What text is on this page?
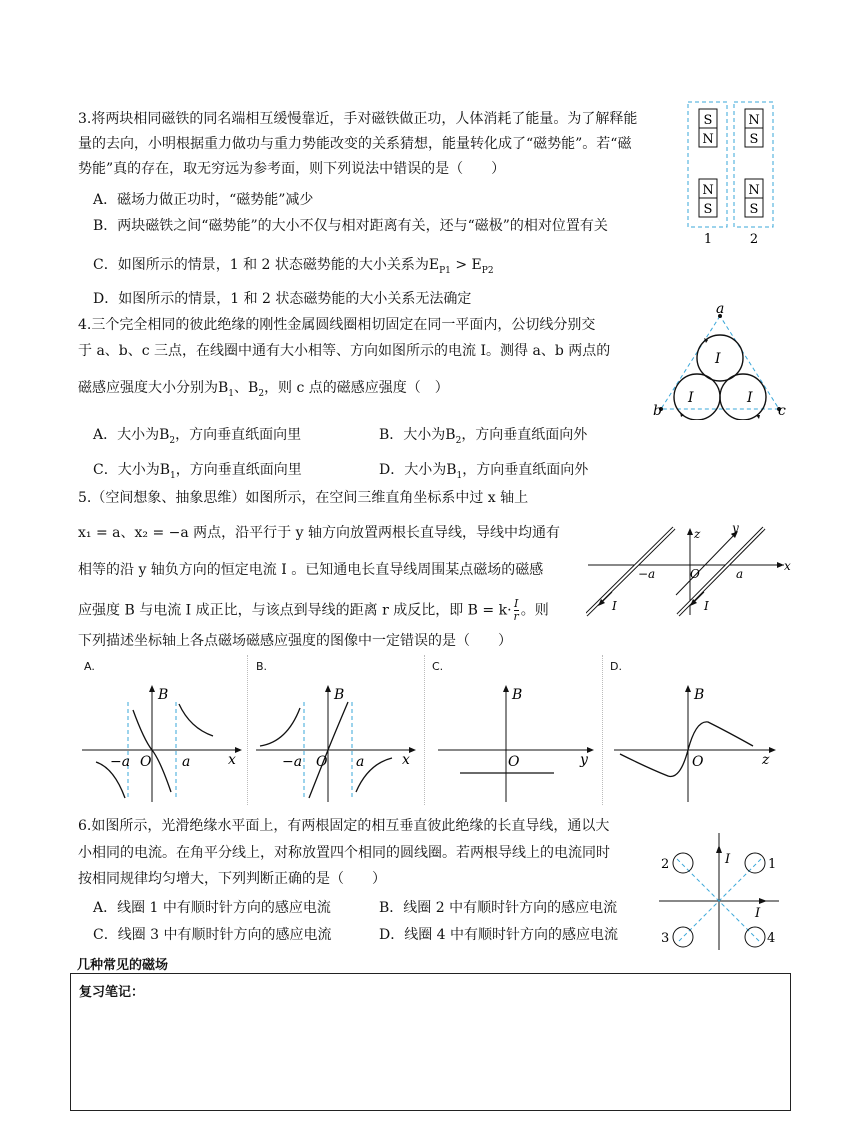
3.将两块相同磁铁的同名端相互缓慢靠近，手对磁铁做正功，人体消耗了能量。为了解释能
量的去向，小明根据重力做功与重力势能改变的关系猜想，能量转化成了“磁势能”。若“磁
势能”真的存在，取无穷远为参考面，则下列说法中错误的是（　　）
A．磁场力做正功时，“磁势能”减少
B．两块磁铁之间“磁势能”的大小不仅与相对距离有关，还与“磁极”的相对位置有关
C．如图所示的情景，1 和 2 状态磁势能的大小关系为$E_{P1} > E_{P2}$
D．如图所示的情景，1 和 2 状态磁势能的大小关系无法确定
S
N
N
S
N
S
N
S
1	2
4.三个完全相同的彼此绝缘的刚性金属圆线圈相切固定在同一平面内，公切线分别交
于 a、b、c 三点，在线圈中通有大小相等、方向如图所示的电流 I。测得 a、b 两点的
磁感应强度大小分别为$B_1$、$B_2$，则 c 点的磁感应强度（　）
A．大小为$B_2$，方向垂直纸面向里	B．大小为$B_2$，方向垂直纸面向外
C．大小为$B_1$，方向垂直纸面向里	D．大小为$B_1$，方向垂直纸面向外
a
b	c
I
I	I
5.（空间想象、抽象思维）如图所示，在空间三维直角坐标系中过 x 轴上
x₁ = a、x₂ = −a 两点，沿平行于 y 轴方向放置两根长直导线，导线中均通有
相等的沿 y 轴负方向的恒定电流 I 。已知通电长直导线周围某点磁场的磁感
应强度 B 与电流 I 成正比，与该点到导线的距离 r 成反比，即 $B = k\cdot \frac{I}{r}$ 。则
下列描述坐标轴上各点磁场磁感应强度的图像中一定错误的是（　　）
z	y
x
−a	O	a
I	I
A.	B.	C.	D.
B
x
−a O a
B
x
−a O a
B
y
O
B
z
O
6.如图所示，光滑绝缘水平面上，有两根固定的相互垂直彼此绝缘的长直导线，通以大
小相同的电流。在角平分线上，对称放置四个相同的圆线圈。若两根导线上的电流同时
按相同规律均匀增大，下列判断正确的是（　　）
A．线圈 1 中有顺时针方向的感应电流	B．线圈 2 中有顺时针方向的感应电流
C．线圈 3 中有顺时针方向的感应电流	D．线圈 4 中有顺时针方向的感应电流
1
2
3	4
I
I
几种常见的磁场
复习笔记：
